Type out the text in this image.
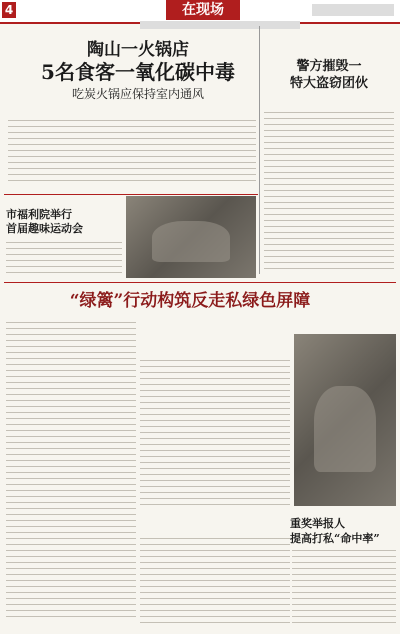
4	在现场
陶山一火锅店
5名食客一氧化碳中毒
吃炭火锅应保持室内通风
警方摧毁一
特大盗窃团伙
市福利院举行
首届趣味运动会
“绿篱”行动构筑反走私绿色屏障
重奖举报人
提高打私“命中率”
